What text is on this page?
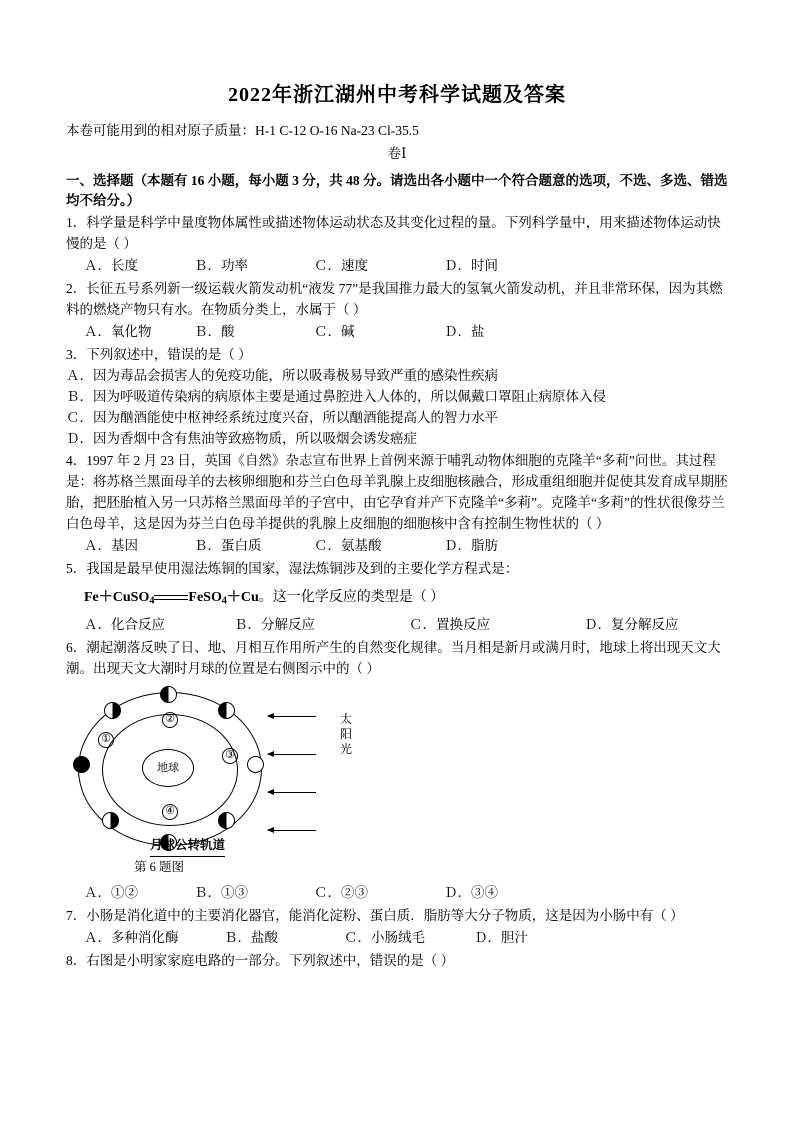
2022年浙江湖州中考科学试题及答案
本卷可能用到的相对原子质量：H-1 C-12 O-16 Na-23 Cl-35.5
卷Ⅰ
一、选择题（本题有 16 小题，每小题 3 分，共 48 分。请选出各小题中一个符合题意的选项，不选、多选、错选均不给分。）
1．科学量是科学中量度物体属性或描述物体运动状态及其变化过程的量。下列科学量中，用来描述物体运动快慢的是（ ）
Ａ．长度	Ｂ．功率	Ｃ．速度	Ｄ．时间
2．长征五号系列新一级运载火箭发动机“液发 77”是我国推力最大的氢氧火箭发动机，并且非常环保，因为其燃料的燃烧产物只有水。在物质分类上，水属于（ ）
Ａ．氧化物	Ｂ．酸	Ｃ．碱	Ｄ．盐
3．下列叙述中，错误的是（ ）
Ａ．因为毒品会损害人的免疫功能，所以吸毒极易导致严重的感染性疾病
Ｂ．因为呼吸道传染病的病原体主要是通过鼻腔进入人体的，所以佩戴口罩阻止病原体入侵
Ｃ．因为酗酒能使中枢神经系统过度兴奋，所以酗酒能提高人的智力水平
Ｄ．因为香烟中含有焦油等致癌物质，所以吸烟会诱发癌症
4．1997 年 2 月 23 日，英国《自然》杂志宣布世界上首例来源于哺乳动物体细胞的克隆羊“多莉”问世。其过程是：将苏格兰黑面母羊的去核卵细胞和芬兰白色母羊乳腺上皮细胞核融合，形成重组细胞并促使其发育成早期胚胎，把胚胎植入另一只苏格兰黑面母羊的子宫中，由它孕育并产下克隆羊“多莉”。克隆羊“多莉”的性状很像芬兰白色母羊，这是因为芬兰白色母羊提供的乳腺上皮细胞的细胞核中含有控制生物性状的（ ）
Ａ．基因	Ｂ．蛋白质	Ｃ．氨基酸	Ｄ．脂肪
5．我国是最早使用湿法炼铜的国家，湿法炼铜涉及到的主要化学方程式是：
Fe＋CuSO$_4$ FeSO$_4$＋Cu。这一化学反应的类型是（ ）
Ａ．化合反应	Ｂ．分解反应	Ｃ．置换反应	Ｄ．复分解反应
6．潮起潮落反映了日、地、月相互作用所产生的自然变化规律。当月相是新月或满月时，地球上将出现天文大潮。出现天文大潮时月球的位置是右侧图示中的（ ）
地球
①
②
③
④
月球公转轨道
太阳光
第 6 题图
Ａ．①②	Ｂ．①③	Ｃ．②③	Ｄ．③④
7．小肠是消化道中的主要消化器官，能消化淀粉、蛋白质．脂肪等大分子物质，这是因为小肠中有（ ）
Ａ．多种消化酶	Ｂ．盐酸	Ｃ．小肠绒毛	Ｄ．胆汁
8．右图是小明家家庭电路的一部分。下列叙述中，错误的是（ ）
